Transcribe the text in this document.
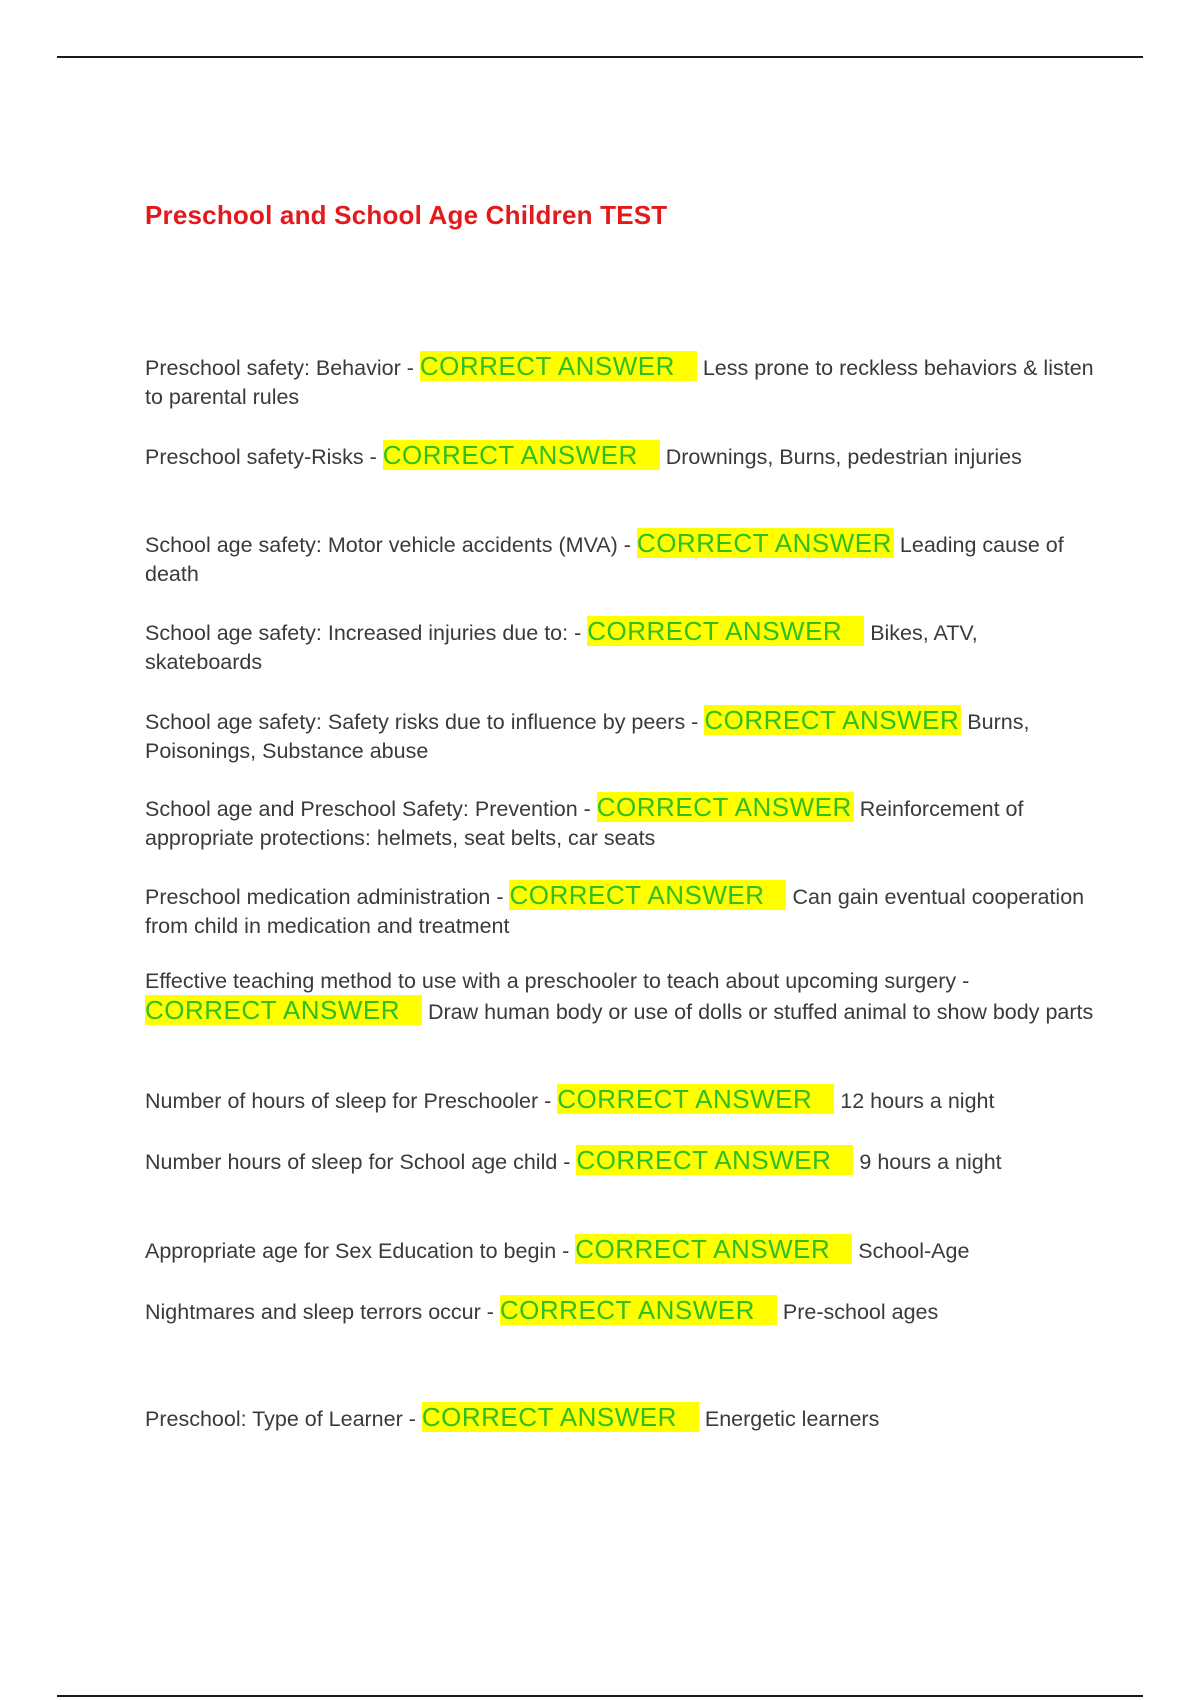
Preschool and School Age Children TEST
Preschool safety: Behavior - CORRECT ANSWER Less prone to reckless behaviors & listen to parental rules
Preschool safety-Risks - CORRECT ANSWER Drownings, Burns, pedestrian injuries
School age safety: Motor vehicle accidents (MVA) - CORRECT ANSWER Leading cause of death
School age safety: Increased injuries due to: - CORRECT ANSWER Bikes, ATV, skateboards
School age safety: Safety risks due to influence by peers - CORRECT ANSWER Burns, Poisonings, Substance abuse
School age and Preschool Safety: Prevention - CORRECT ANSWER Reinforcement of appropriate protections: helmets, seat belts, car seats
Preschool medication administration - CORRECT ANSWER Can gain eventual cooperation from child in medication and treatment
Effective teaching method to use with a preschooler to teach about upcoming surgery - CORRECT ANSWER Draw human body or use of dolls or stuffed animal to show body parts
Number of hours of sleep for Preschooler - CORRECT ANSWER 12 hours a night
Number hours of sleep for School age child - CORRECT ANSWER 9 hours a night
Appropriate age for Sex Education to begin - CORRECT ANSWER School-Age
Nightmares and sleep terrors occur - CORRECT ANSWER Pre-school ages
Preschool: Type of Learner - CORRECT ANSWER Energetic learners
